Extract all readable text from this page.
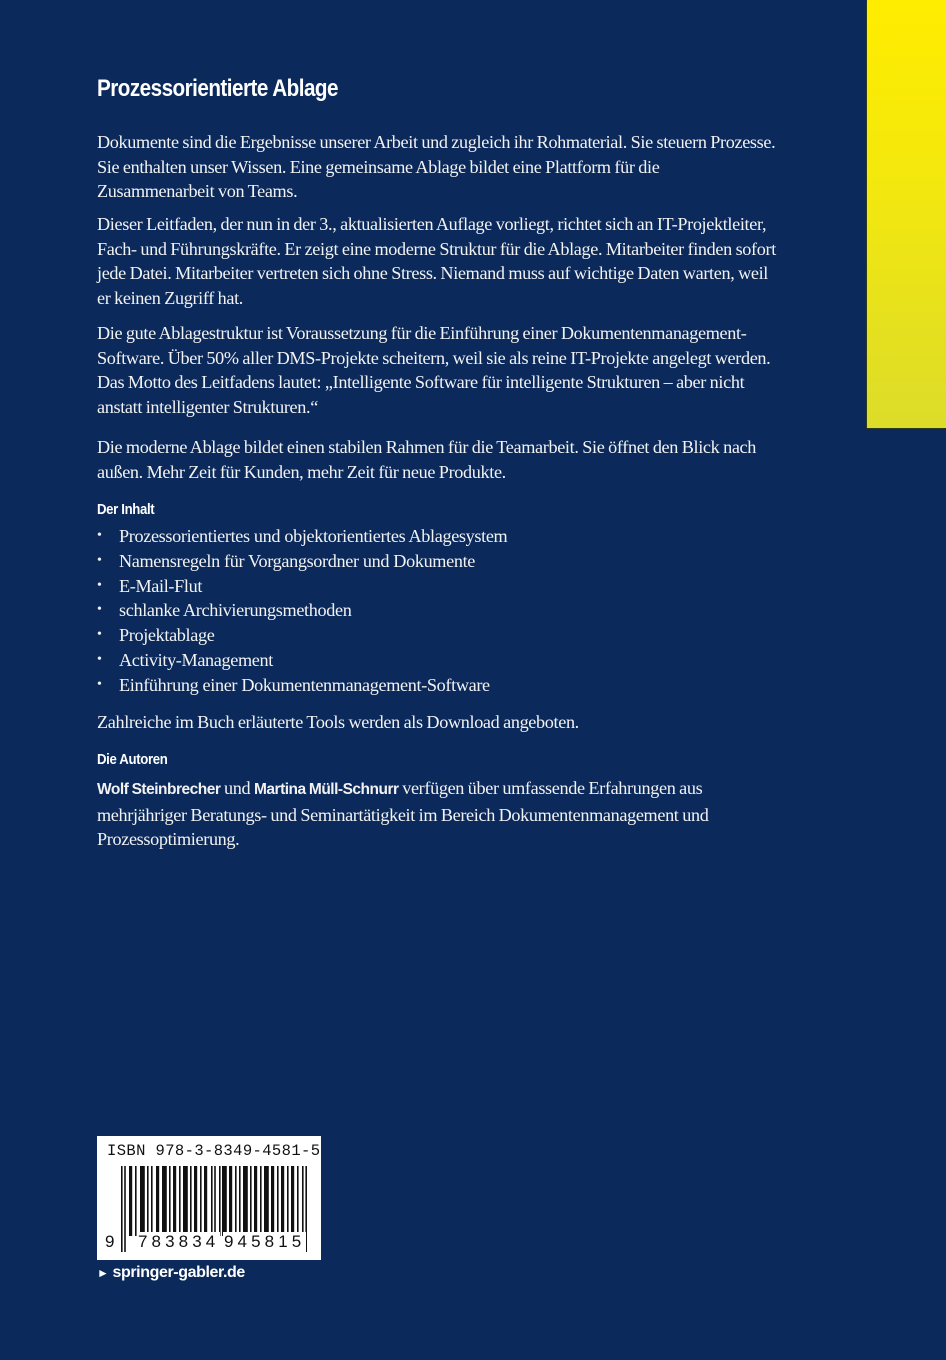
Prozessorientierte Ablage

Dokumente sind die Ergebnisse unserer Arbeit und zugleich ihr Rohmaterial. Sie steuern Prozesse. Sie enthalten unser Wissen. Eine gemeinsame Ablage bildet eine Plattform für die Zusammenarbeit von Teams.

Dieser Leitfaden, der nun in der 3., aktualisierten Auflage vorliegt, richtet sich an IT-Projektleiter, Fach- und Führungskräfte. Er zeigt eine moderne Struktur für die Ablage. Mitarbeiter finden sofort jede Datei. Mitarbeiter vertreten sich ohne Stress. Niemand muss auf wichtige Daten warten, weil er keinen Zugriff hat.

Die gute Ablagestruktur ist Voraussetzung für die Einführung einer Dokumentenmanagement-Software. Über 50% aller DMS-Projekte scheitern, weil sie als reine IT-Projekte angelegt werden. Das Motto des Leitfadens lautet: „Intelligente Software für intelligente Strukturen – aber nicht anstatt intelligenter Strukturen.“

Die moderne Ablage bildet einen stabilen Rahmen für die Teamarbeit. Sie öffnet den Blick nach außen. Mehr Zeit für Kunden, mehr Zeit für neue Produkte.

Der Inhalt
• Prozessorientiertes und objektorientiertes Ablagesystem
• Namensregeln für Vorgangsordner und Dokumente
• E-Mail-Flut
• schlanke Archivierungsmethoden
• Projektablage
• Activity-Management
• Einführung einer Dokumentenmanagement-Software

Zahlreiche im Buch erläuterte Tools werden als Download angeboten.

Die Autoren

Wolf Steinbrecher und Martina Müll-Schnurr verfügen über umfassende Erfahrungen aus mehrjähriger Beratungs- und Seminartätigkeit im Bereich Dokumentenmanagement und Prozessoptimierung.

ISBN 978-3-8349-4581-5
9 783834 945815
► springer-gabler.de
